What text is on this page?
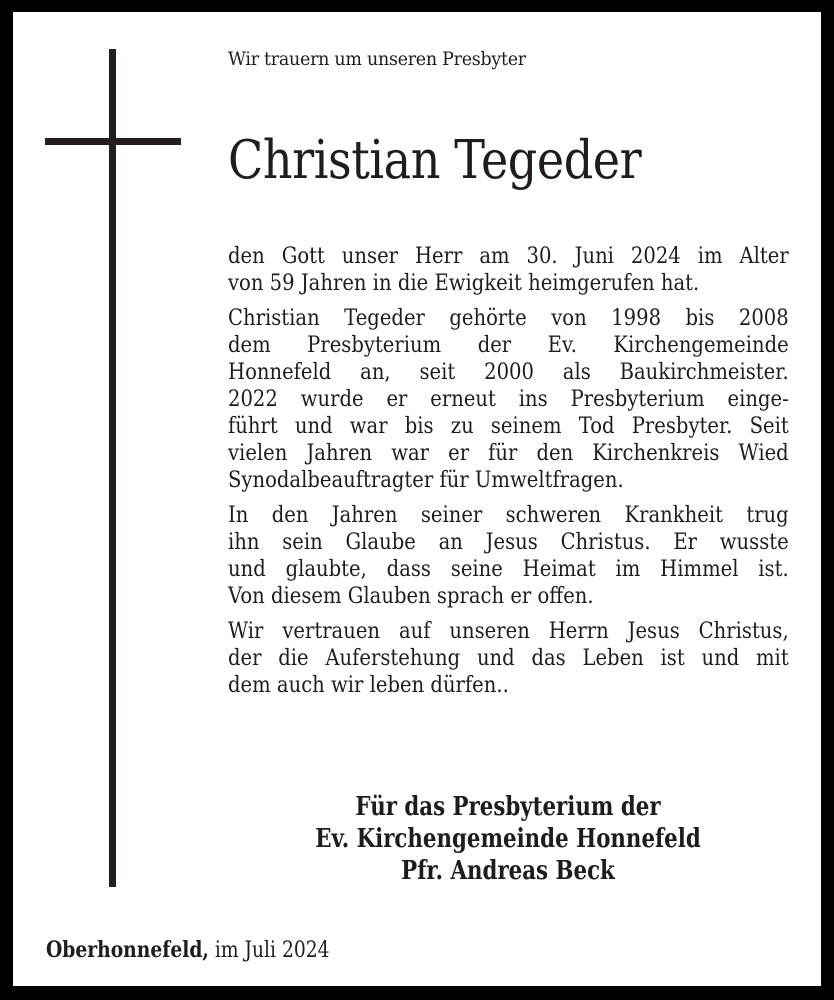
Wir trauern um unseren Presbyter
Christian Tegeder

den Gott unser Herr am 30. Juni 2024 im Alter
von 59 Jahren in die Ewigkeit heimgerufen hat.

Christian Tegeder gehörte von 1998 bis 2008
dem Presbyterium der Ev. Kirchengemeinde
Honnefeld an, seit 2000 als Baukirchmeister.
2022 wurde er erneut ins Presbyterium einge-
führt und war bis zu seinem Tod Presbyter. Seit
vielen Jahren war er für den Kirchenkreis Wied
Synodalbeauftragter für Umweltfragen.

In den Jahren seiner schweren Krankheit trug
ihn sein Glaube an Jesus Christus. Er wusste
und glaubte, dass seine Heimat im Himmel ist.
Von diesem Glauben sprach er offen.

Wir vertrauen auf unseren Herrn Jesus Christus,
der die Auferstehung und das Leben ist und mit
dem auch wir leben dürfen..

Für das Presbyterium der
Ev. Kirchengemeinde Honnefeld
Pfr. Andreas Beck
Oberhonnefeld, im Juli 2024
